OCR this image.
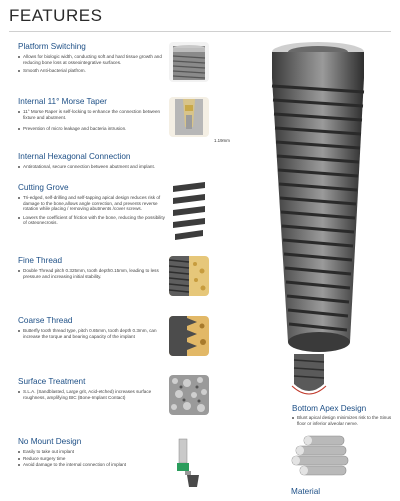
FEATURES
Platform Switching
Allows for biologic width, conducting soft and hard tissue growth and reducing bone loss at osseointegrative surfaces.
Smooth Anti-bacterial platfrom.
Internal 11° Morse Taper
11° Morse Raper is self-locking to enhance the connection between fixture and abutment.
Prevention of micro leakage and bacteria intrusion.
1.19mm
Internal Hexagonal Connection
Antirotational, secure connection between abutment and implant.
Cutting Grove
Tri-edged, self-drilling and self-tapping apical design reduces risk of damage to the bone,allows angle correction, and prevents reverse rotation while placing / removing abutments /cover screws.
Lowers the coefficient of friction with the bone, reducing the possibility of osteonecrosis.
Fine Thread
Double Thread pitch 0.325mm, tooth depth0.15mm, leading to less pressure and increasing initial stability.
Coarse Thread
Butterfly tooth thread type, pitch 0.65mm, tooth depth 0.3mm, can increase the torque and bearing capacity of the implant
Surface Treatment
S.L.A. (Sandblasted, Large grit, Acid-etched) increases surface roughness, amplifying BIC (Bone-Implant Contact)
No Mount Design
Easily to take out implant
Reduce surgery time
Avoid damage to the internal connection of implant
Bottom Apex Design
Blunt apical design minimizes risk to the Sinus floor or inferior alveolar nerve.
Material
